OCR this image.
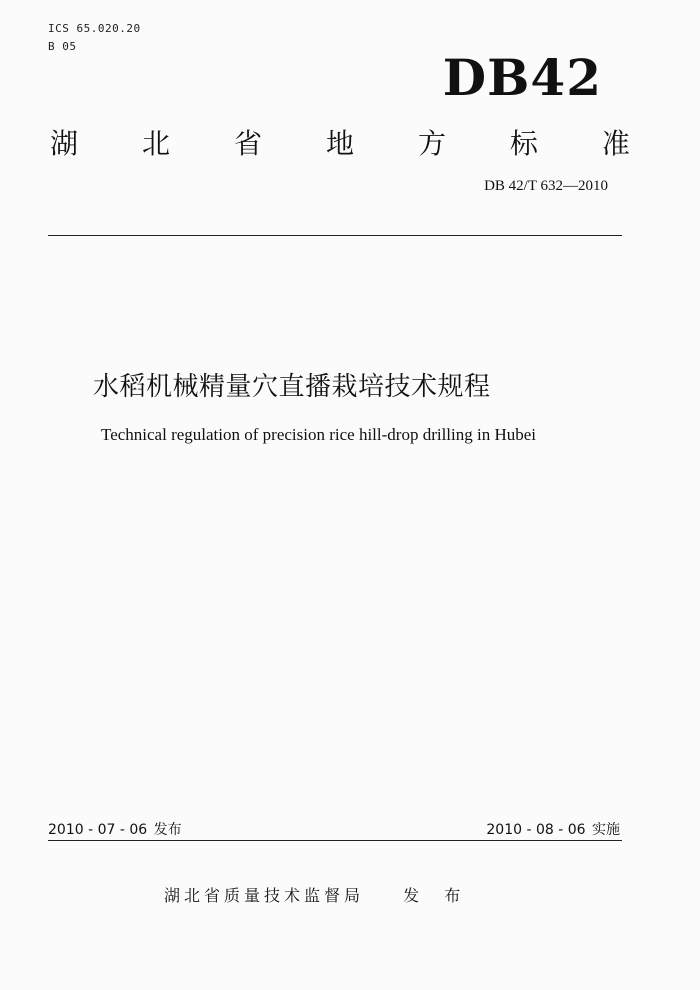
ICS 65.020.20
B 05
DB42
湖 北 省 地 方 标 准
DB 42/T 632—2010
水稻机械精量穴直播栽培技术规程
Technical regulation of precision rice hill-drop drilling in Hubei
2010 - 07 - 06 发布	2010 - 08 - 06 实施
湖北省质量技术监督局 发 布
